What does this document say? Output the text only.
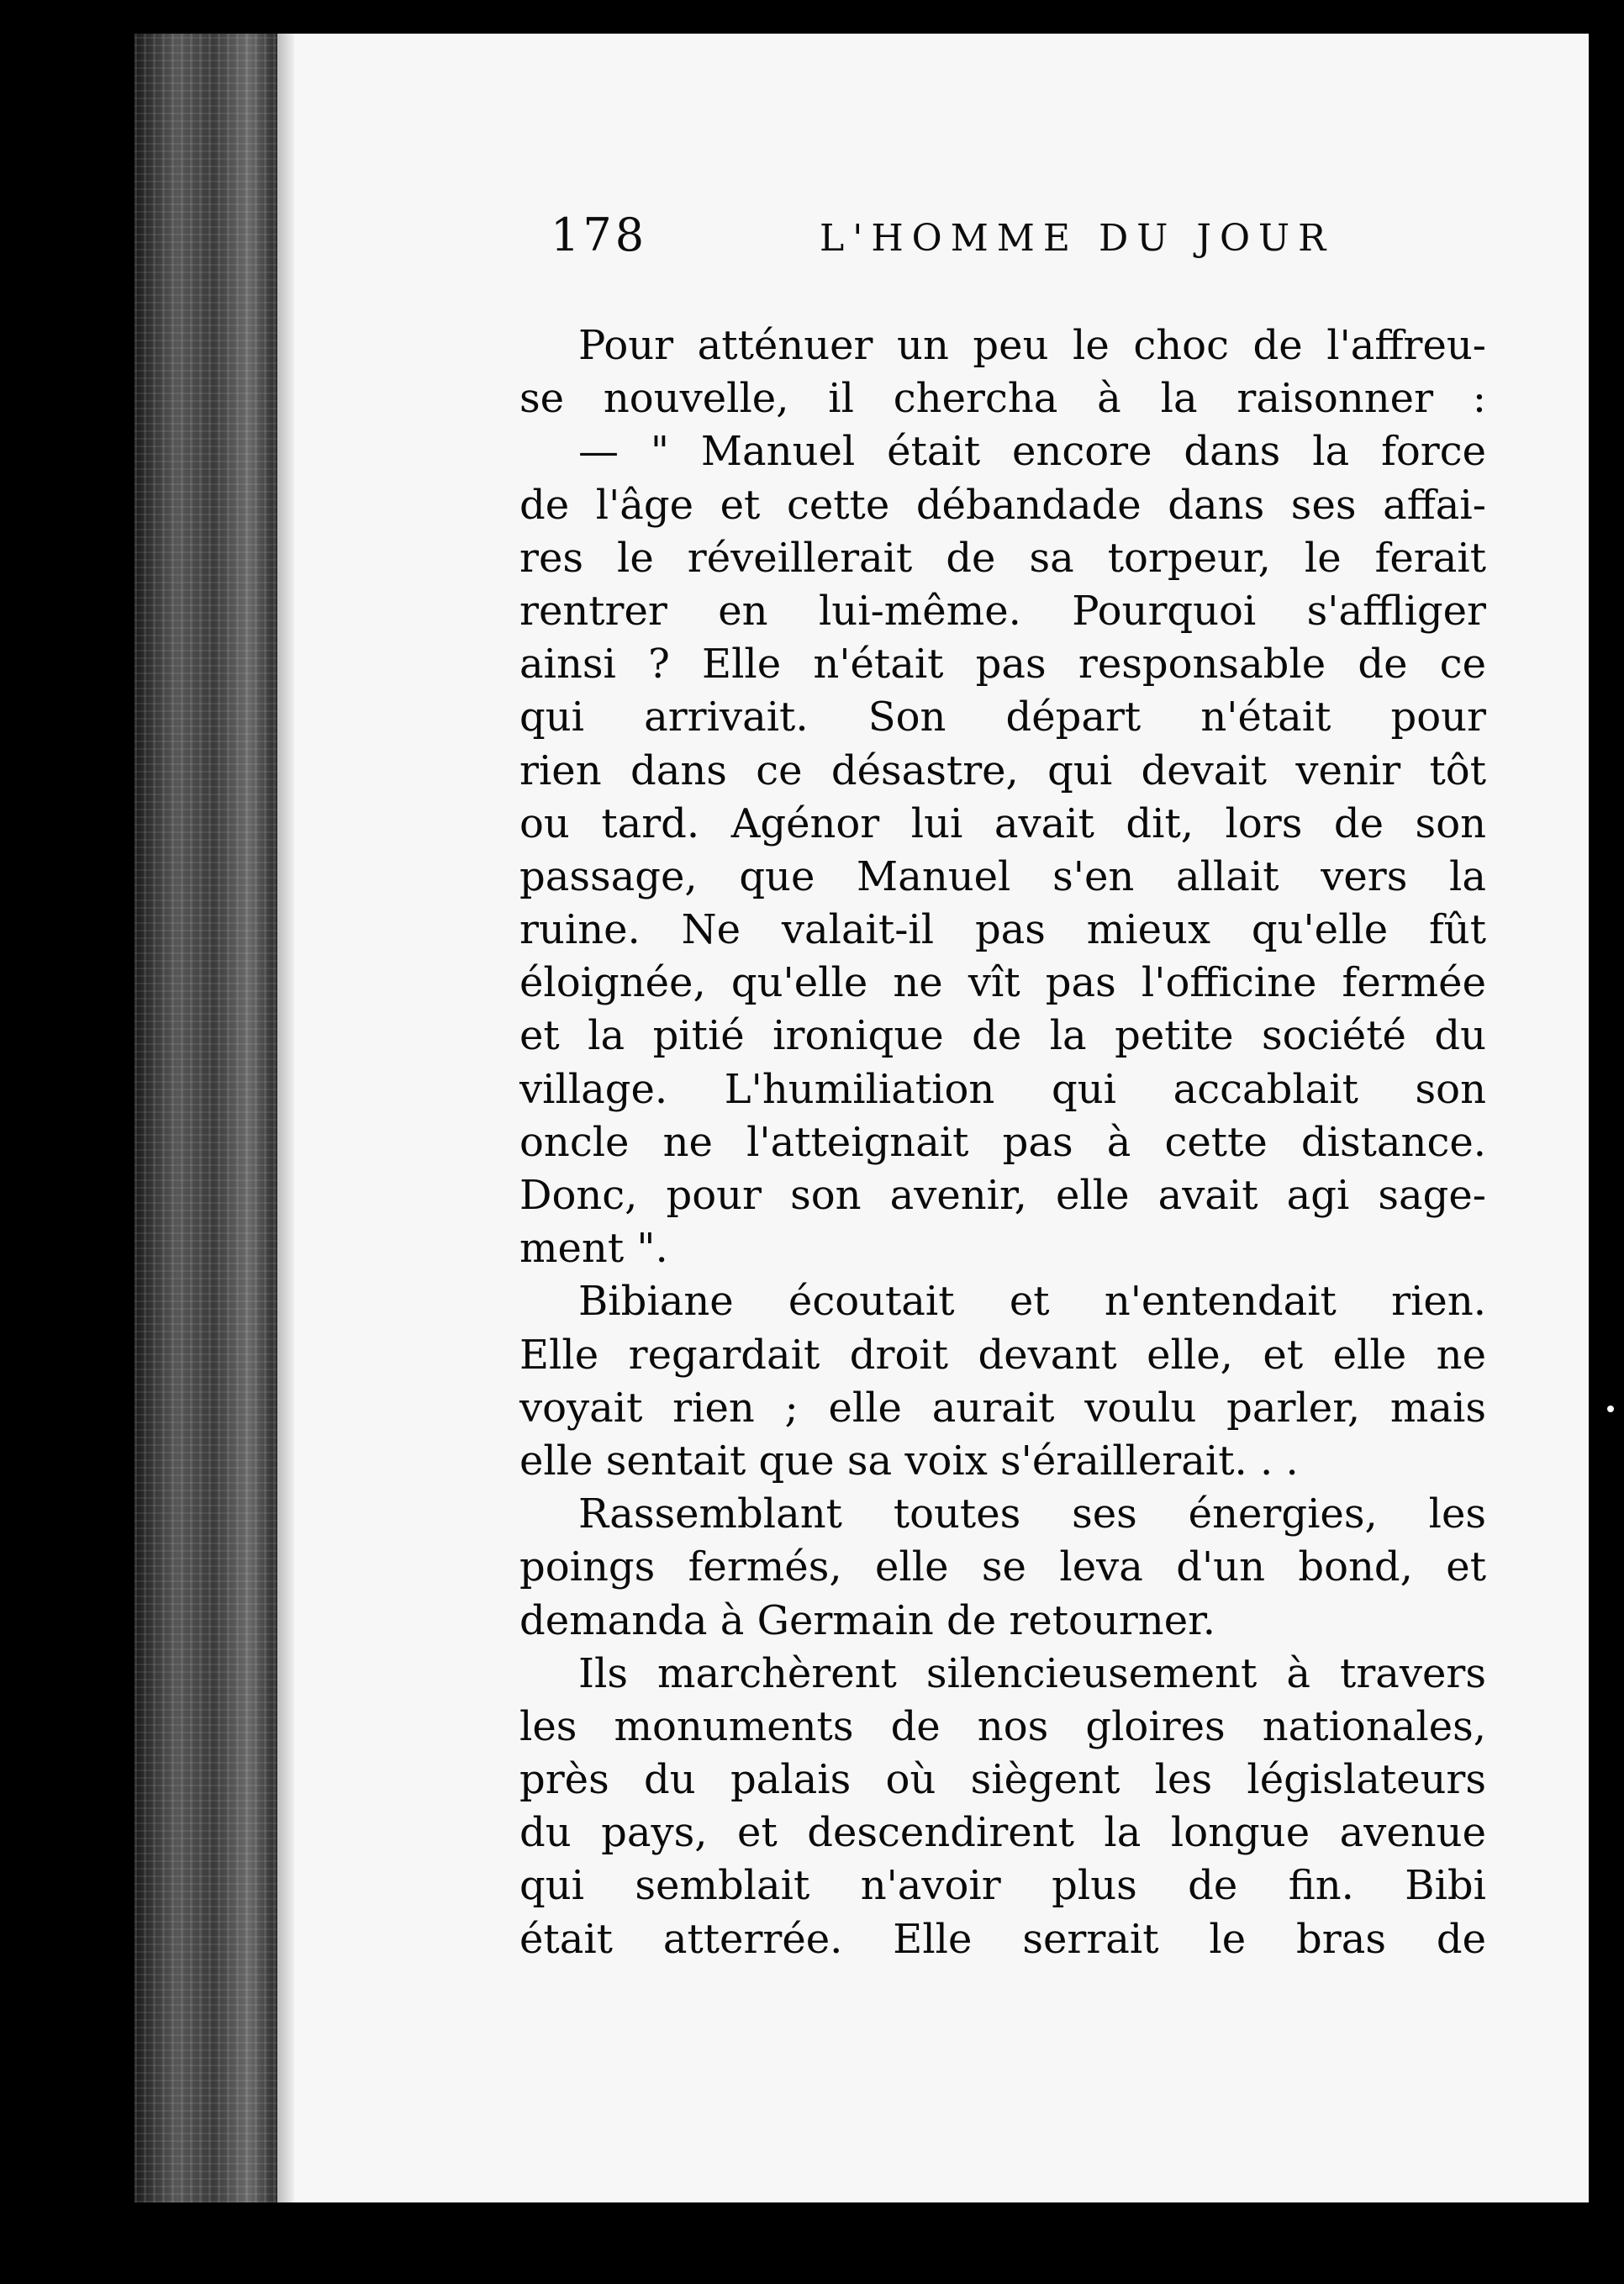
178	L'HOMME DU JOUR
Pour atténuer un peu le choc de l'affreu-
se nouvelle, il chercha à la raisonner :
— " Manuel était encore dans la force
de l'âge et cette débandade dans ses affai-
res le réveillerait de sa torpeur, le ferait
rentrer en lui-même. Pourquoi s'affliger
ainsi ? Elle n'était pas responsable de ce
qui arrivait. Son départ n'était pour
rien dans ce désastre, qui devait venir tôt
ou tard. Agénor lui avait dit, lors de son
passage, que Manuel s'en allait vers la
ruine. Ne valait-il pas mieux qu'elle fût
éloignée, qu'elle ne vît pas l'officine fermée
et la pitié ironique de la petite société du
village. L'humiliation qui accablait son
oncle ne l'atteignait pas à cette distance.
Donc, pour son avenir, elle avait agi sage-
ment ".
Bibiane écoutait et n'entendait rien.
Elle regardait droit devant elle, et elle ne
voyait rien ; elle aurait voulu parler, mais
elle sentait que sa voix s'éraillerait. . .
Rassemblant toutes ses énergies, les
poings fermés, elle se leva d'un bond, et
demanda à Germain de retourner.
Ils marchèrent silencieusement à travers
les monuments de nos gloires nationales,
près du palais où siègent les législateurs
du pays, et descendirent la longue avenue
qui semblait n'avoir plus de fin. Bibi
était atterrée. Elle serrait le bras de
